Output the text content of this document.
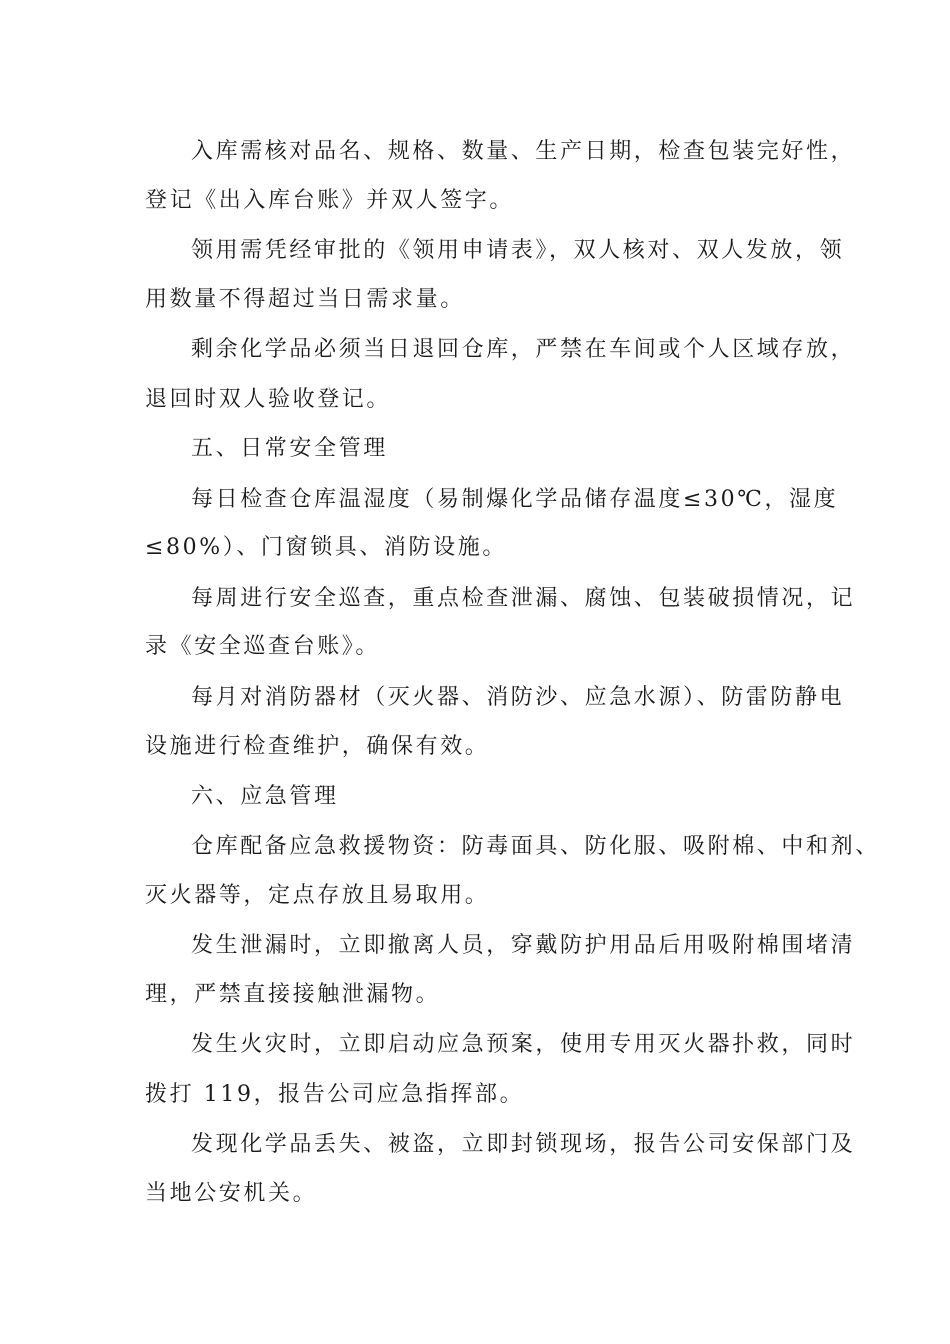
入库需核对品名、规格、数量、生产日期，检查包装完好性，
登记《出入库台账》并双人签字。
领用需凭经审批的《领用申请表》，双人核对、双人发放，领
用数量不得超过当日需求量。
剩余化学品必须当日退回仓库，严禁在车间或个人区域存放，
退回时双人验收登记。
五、日常安全管理
每日检查仓库温湿度（易制爆化学品储存温度≤30℃，湿度
≤80%）、门窗锁具、消防设施。
每周进行安全巡查，重点检查泄漏、腐蚀、包装破损情况，记
录《安全巡查台账》。
每月对消防器材（灭火器、消防沙、应急水源）、防雷防静电
设施进行检查维护，确保有效。
六、应急管理
仓库配备应急救援物资：防毒面具、防化服、吸附棉、中和剂、
灭火器等，定点存放且易取用。
发生泄漏时，立即撤离人员，穿戴防护用品后用吸附棉围堵清
理，严禁直接接触泄漏物。
发生火灾时，立即启动应急预案，使用专用灭火器扑救，同时
拨打 119，报告公司应急指挥部。
发现化学品丢失、被盗，立即封锁现场，报告公司安保部门及
当地公安机关。
